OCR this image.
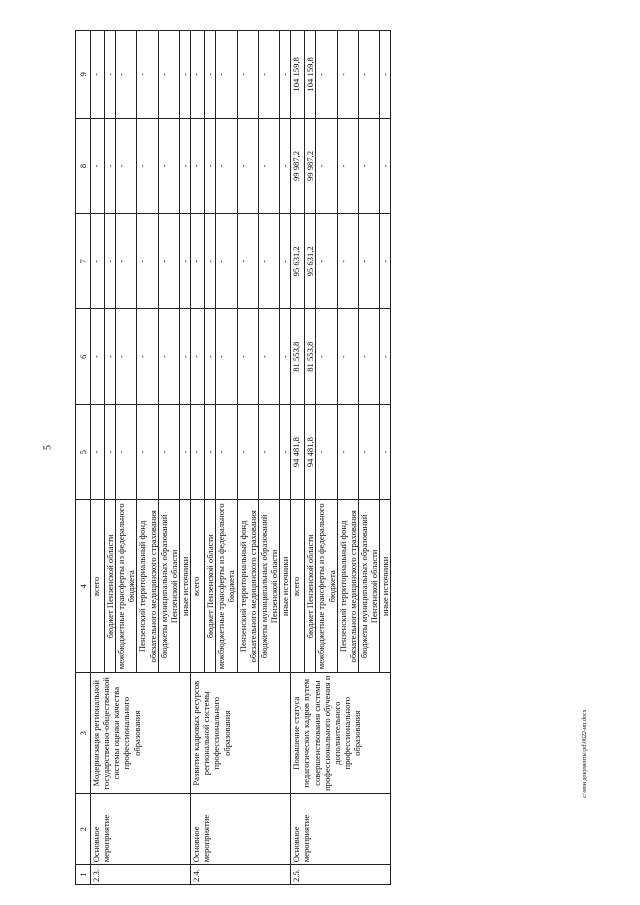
5
c:\мои документы\pd\0622-ип.docx
1	2	3	4	5	6	7	8	9
2.3.	Основное мероприятие	Модернизация региональной государственно-общественной системы оценки качества профессионального образования	всего	-	-	-	-	-
			бюджет Пензенской области	-	-	-	-	-
			межбюджетные трансферты из федерального бюджета	-	-	-	-	-
			Пензенский территориальный фонд обязательного медицинского страхования	-	-	-	-	-
			бюджеты муниципальных образований Пензенской области	-	-	-	-	-
			иные источники	-	-	-	-	-
2.4.	Основное мероприятие	Развитие кадровых ресурсов региональной системы профессионального образования	всего	-	-	-	-	-
			бюджет Пензенской области	-	-	-	-	-
			межбюджетные трансферты из федерального бюджета	-	-	-	-	-
			Пензенский территориальный фонд обязательного медицинского страхования	-	-	-	-	-
			бюджеты муниципальных образований Пензенской области	-	-	-	-	-
			иные источники	-	-	-	-	-
2.5.	Основное мероприятие	Повышение статуса педагогических кадров путем совершенствования системы профессионального обучения и дополнительного профессионального образования	всего	94 481,8	81 553,8	95 631,2	99 987,2	104 159,8
			бюджет Пензенской области	94 481,8	81 553,8	95 631,2	99 987,2	104 159,8
			межбюджетные трансферты из федерального бюджета	-	-	-	-	-
			Пензенский территориальный фонд обязательного медицинского страхования	-	-	-	-	-
			бюджеты муниципальных образований Пензенской области	-	-	-	-	-
			иные источники	-	-	-	-	-
